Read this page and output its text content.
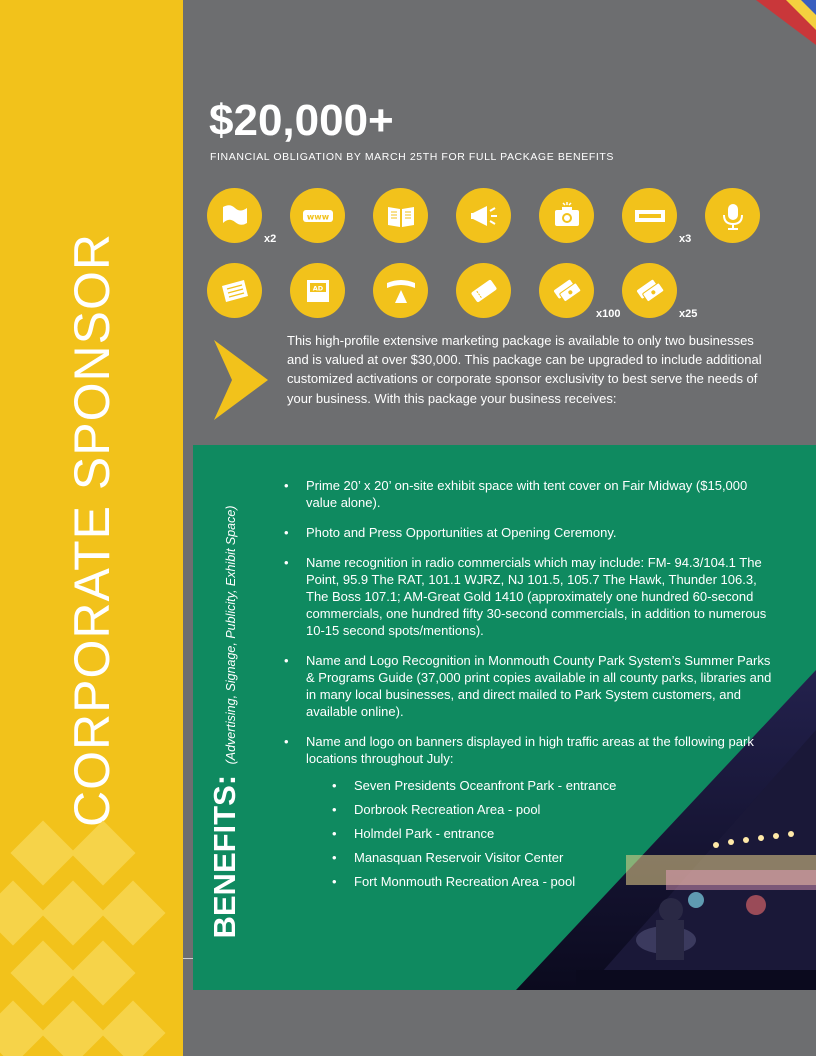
CORPORATE SPONSOR
$20,000+
FINANCIAL OBLIGATION BY MARCH 25TH FOR FULL PACKAGE BENEFITS
x2
www
x3
AD
x100	x25
This high-profile extensive marketing package is available to only two businesses and is valued at over $30,000. This package can be upgraded to include additional customized activations or corporate sponsor exclusivity to best serve the needs of your business. With this package your business receives:
BENEFITS: (Advertising, Signage, Publicity, Exhibit Space)
• Prime 20’ x 20’ on-site exhibit space with tent cover on Fair Midway ($15,000 value alone).
• Photo and Press Opportunities at Opening Ceremony.
• Name recognition in radio commercials which may include: FM- 94.3/104.1 The Point, 95.9 The RAT, 101.1 WJRZ, NJ 101.5, 105.7 The Hawk, Thunder 106.3, The Boss 107.1; AM-Great Gold 1410 (approximately one hundred 60-second commercials, one hundred fifty 30-second commercials, in addition to numerous 10-15 second spots/mentions).
• Name and Logo Recognition in Monmouth County Park System’s Summer Parks & Programs Guide (37,000 print copies available in all county parks, libraries and in many local businesses, and direct mailed to Park System customers, and available online).
• Name and logo on banners displayed in high traffic areas at the following park locations throughout July:
• Seven Presidents Oceanfront Park - entrance
• Dorbrook Recreation Area - pool
• Holmdel Park - entrance
• Manasquan Reservoir Visitor Center
• Fort Monmouth Recreation Area - pool
